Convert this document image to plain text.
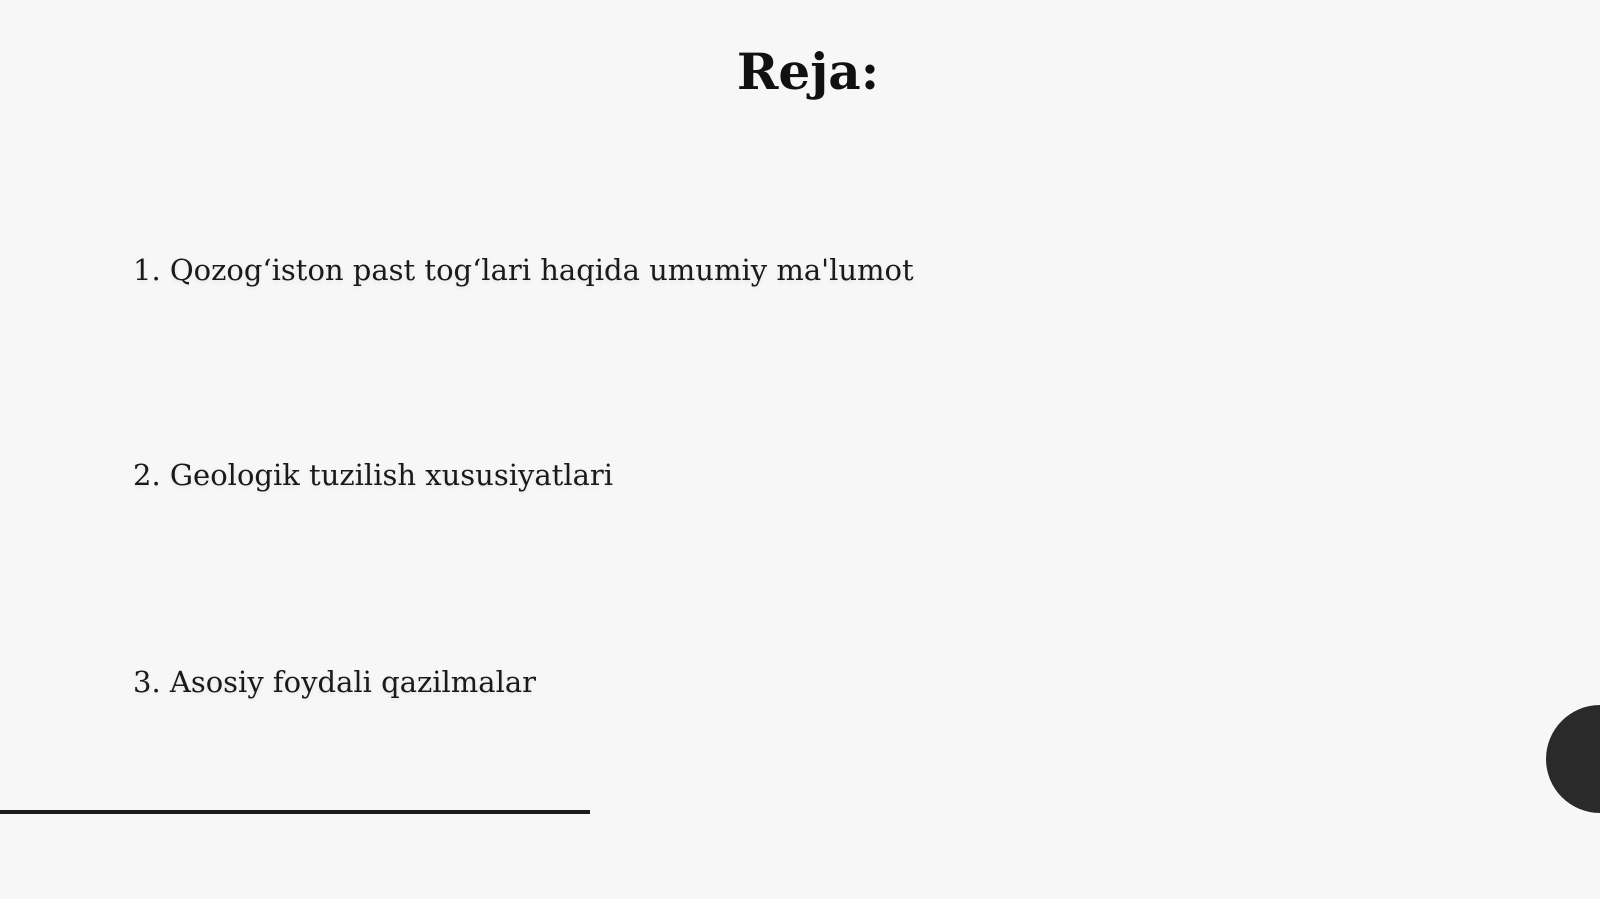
Reja:
1. Qozog‘iston past tog‘lari haqida umumiy ma'lumot
2. Geologik tuzilish xususiyatlari
3. Asosiy foydali qazilmalar
